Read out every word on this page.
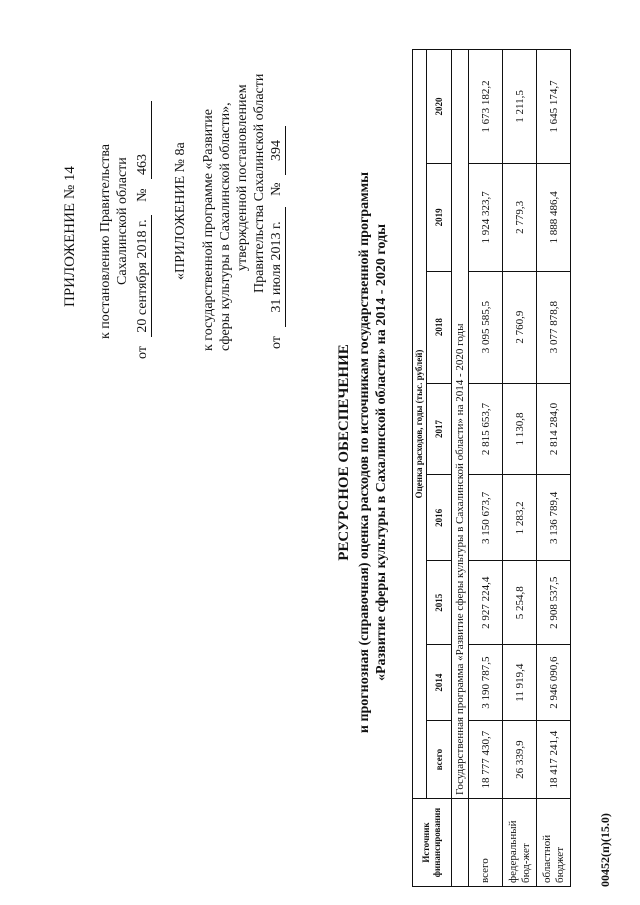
ПРИЛОЖЕНИЕ № 14 к постановлению Правительства Сахалинской области
от 20 сентября 2018 г. № 463 «ПРИЛОЖЕНИЕ № 8а к государственной программе «Развитие сферы культуры в Сахалинской области», утвержденной постановлением Правительства Сахалинской области
от 31 июля 2013 г. № 394
РЕСУРСНОЕ ОБЕСПЕЧЕНИЕ и прогнозная (справочная) оценка расходов по источникам государственной программы «Развитие сферы культуры в Сахалинской области» на 2014 - 2020 годы
Источник финансирования	Оценка расходов, годы (тыс. рублей)							
	всего	2014	2015	2016	2017	2018	2019	2020
	Государственная программа «Развитие сферы культуры в Сахалинской области» на 2014 - 2020 годы							
всего	18 777 430,7	3 190 787,5	2 927 224,4	3 150 673,7	2 815 653,7	3 095 585,5	1 924 323,7	1 673 182,2
федеральный бюд-жет	26 339,9	11 919,4	5 254,8	1 283,2	1 130,8	2 760,9	2 779,3	1 211,5
областной бюджет	18 417 241,4	2 946 090,6	2 908 537,5	3 136 789,4	2 814 284,0	3 077 878,8	1 888 486,4	1 645 174,7
00452(п)(15.0)
